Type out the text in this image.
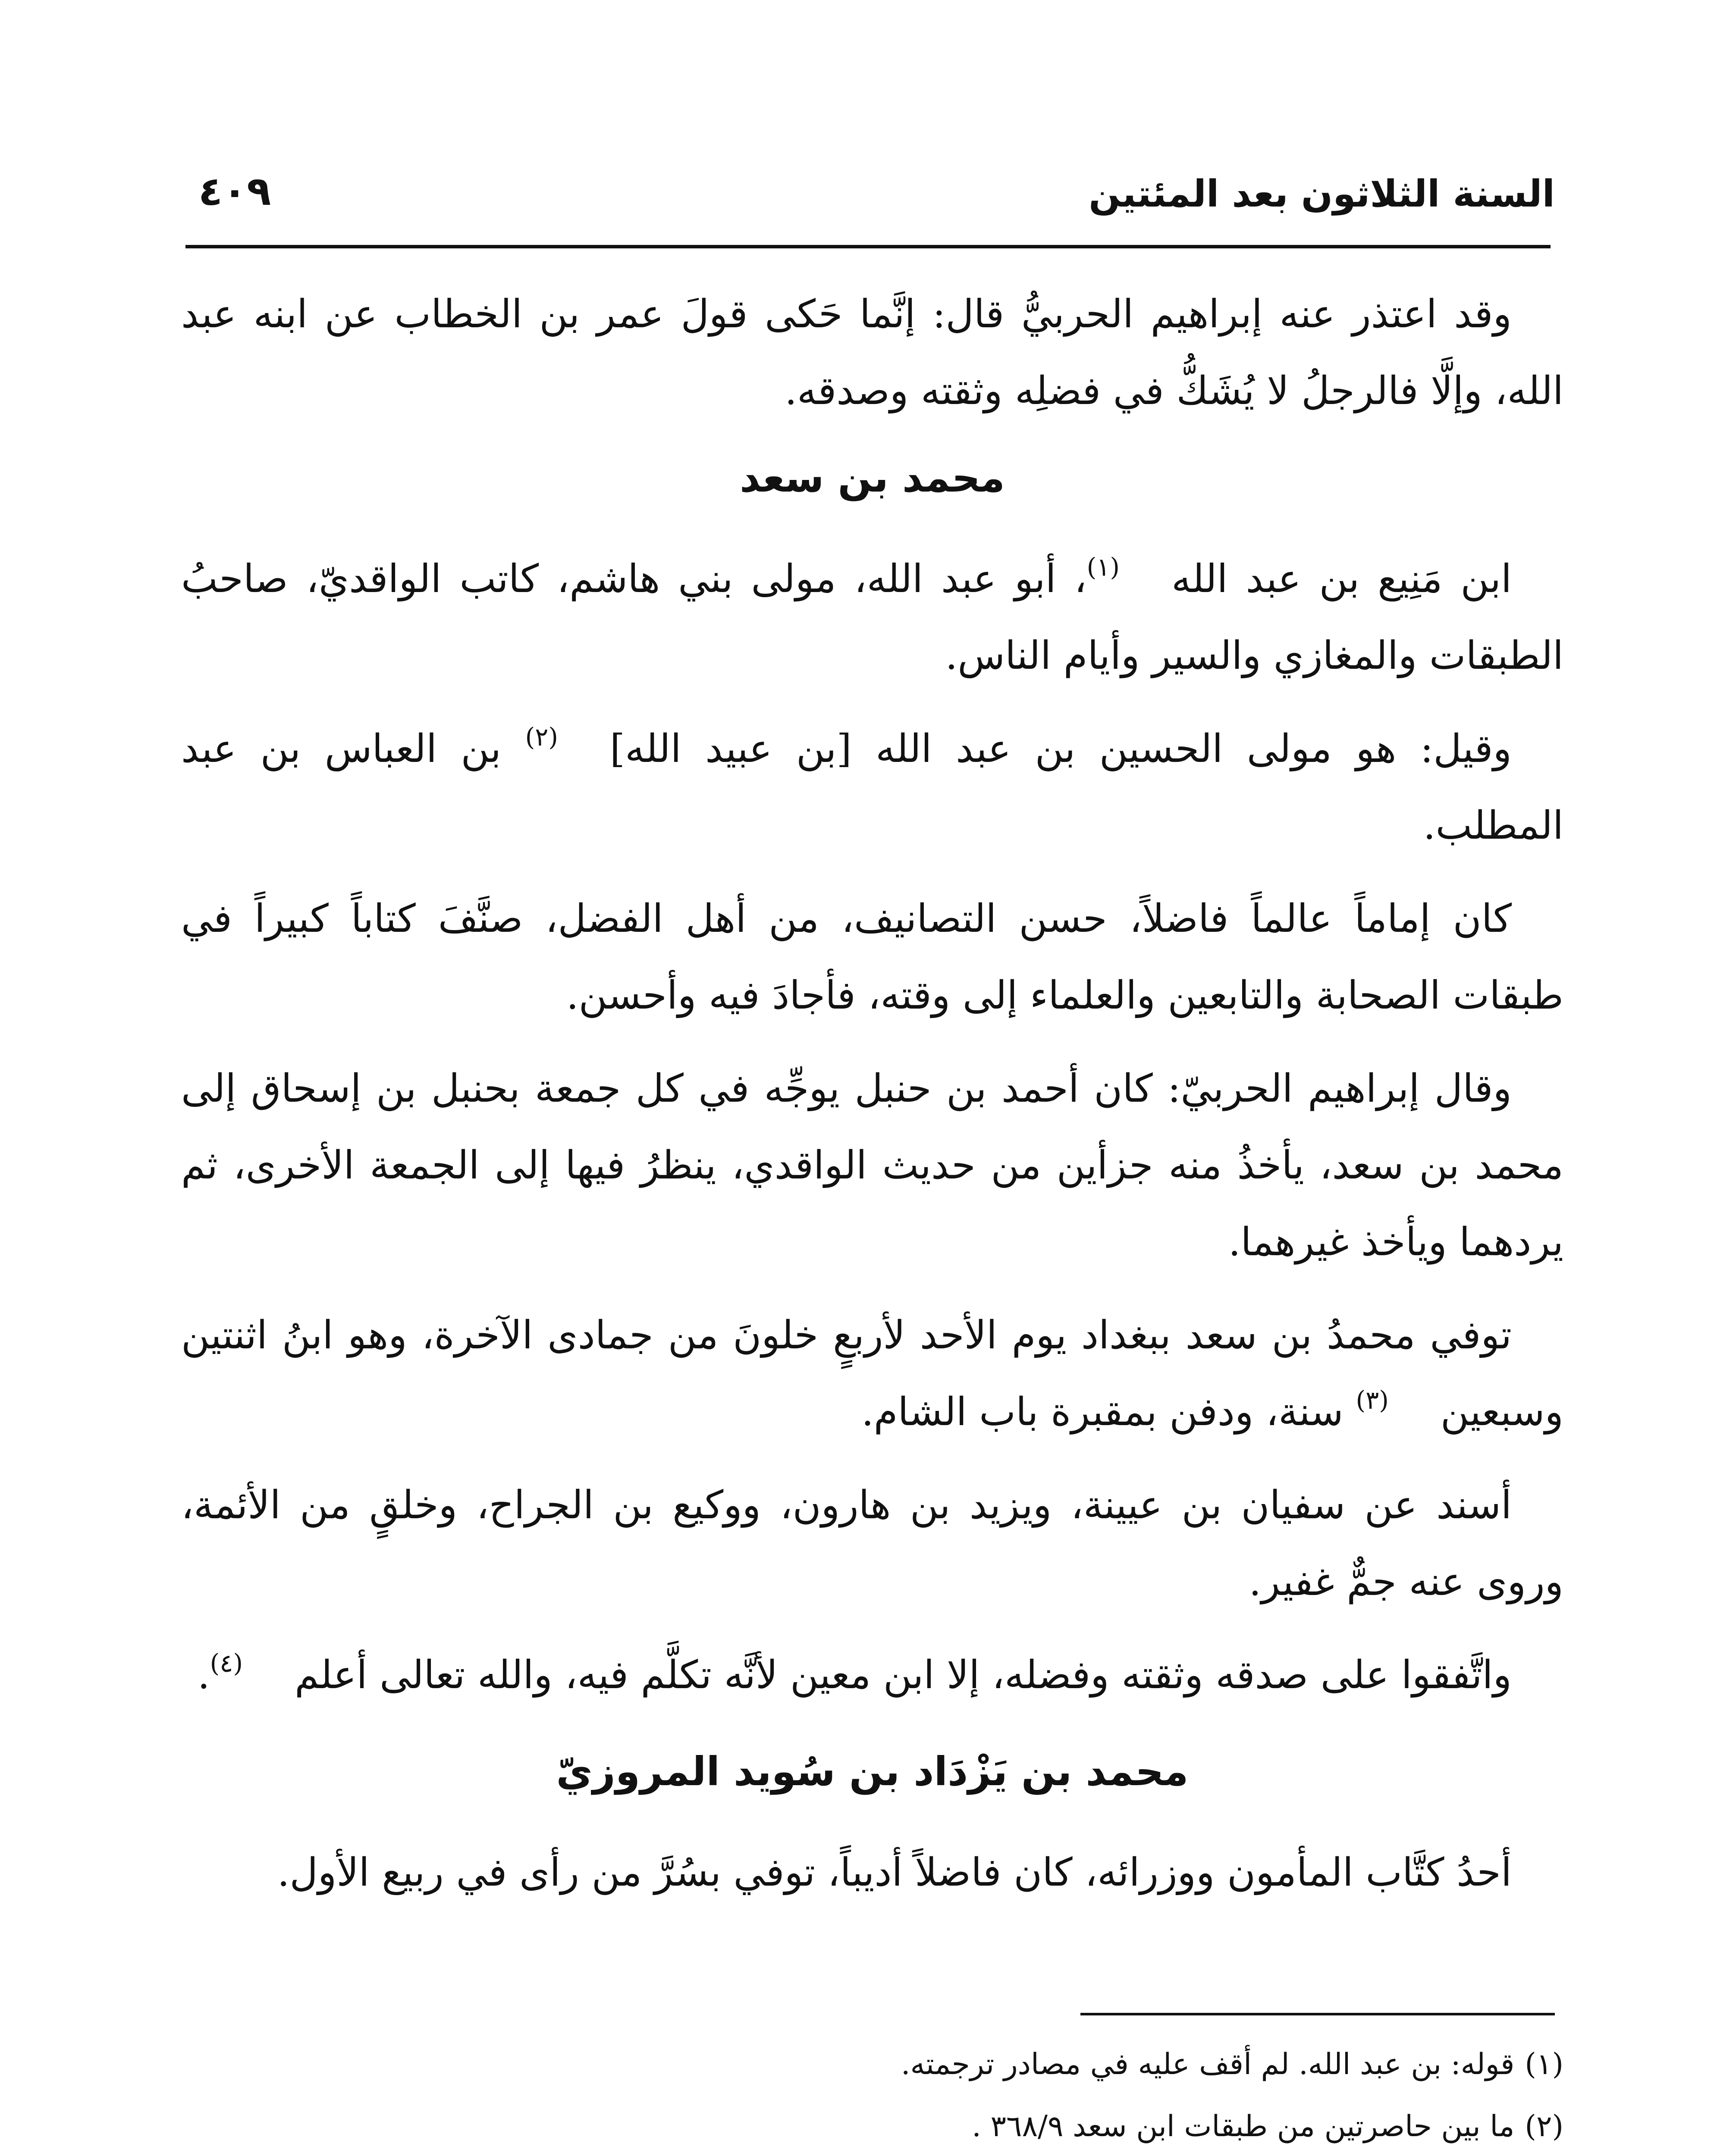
السنة الثلاثون بعد المئتين
٤٠٩

وقد اعتذر عنه إبراهيم الحربيُّ قال: إنَّما حَكى قولَ عمر بن الخطاب عن ابنه عبد الله، وإلَّا فالرجلُ لا يُشَكُّ في فضلِه وثقته وصدقه.

محمد بن سعد

ابن مَنِيع بن عبد الله(١)، أبو عبد الله، مولى بني هاشم، كاتب الواقديّ، صاحبُ الطبقات والمغازي والسير وأيام الناس.

وقيل: هو مولى الحسين بن عبد الله [بن عبيد الله](٢) بن العباس بن عبد المطلب.

كان إماماً عالماً فاضلاً، حسن التصانيف، من أهل الفضل، صنَّفَ كتاباً كبيراً في طبقات الصحابة والتابعين والعلماء إلى وقته، فأجادَ فيه وأحسن.

وقال إبراهيم الحربيّ: كان أحمد بن حنبل يوجِّه في كل جمعة بحنبل بن إسحاق إلى محمد بن سعد، يأخذُ منه جزأين من حديث الواقدي، ينظرُ فيها إلى الجمعة الأخرى، ثم يردهما ويأخذ غيرهما.

توفي محمدُ بن سعد ببغداد يوم الأحد لأربعٍ خلونَ من جمادى الآخرة، وهو ابنُ اثنتين وسبعين(٣) سنة، ودفن بمقبرة باب الشام.

أسند عن سفيان بن عيينة، ويزيد بن هارون، ووكيع بن الجراح، وخلقٍ من الأئمة، وروى عنه جمٌّ غفير.

واتَّفقوا على صدقه وثقته وفضله، إلا ابن معين لأنَّه تكلَّم فيه، والله تعالى أعلم(٤).

محمد بن يَزْدَاد بن سُويد المروزيّ

أحدُ كتَّاب المأمون ووزرائه، كان فاضلاً أديباً، توفي بسُرَّ من رأى في ربيع الأول.

(١)قوله: بن عبد الله. لم أقف عليه في مصادر ترجمته.

(٢)ما بين حاصرتين من طبقات ابن سعد ٣٦٨/٩ .
